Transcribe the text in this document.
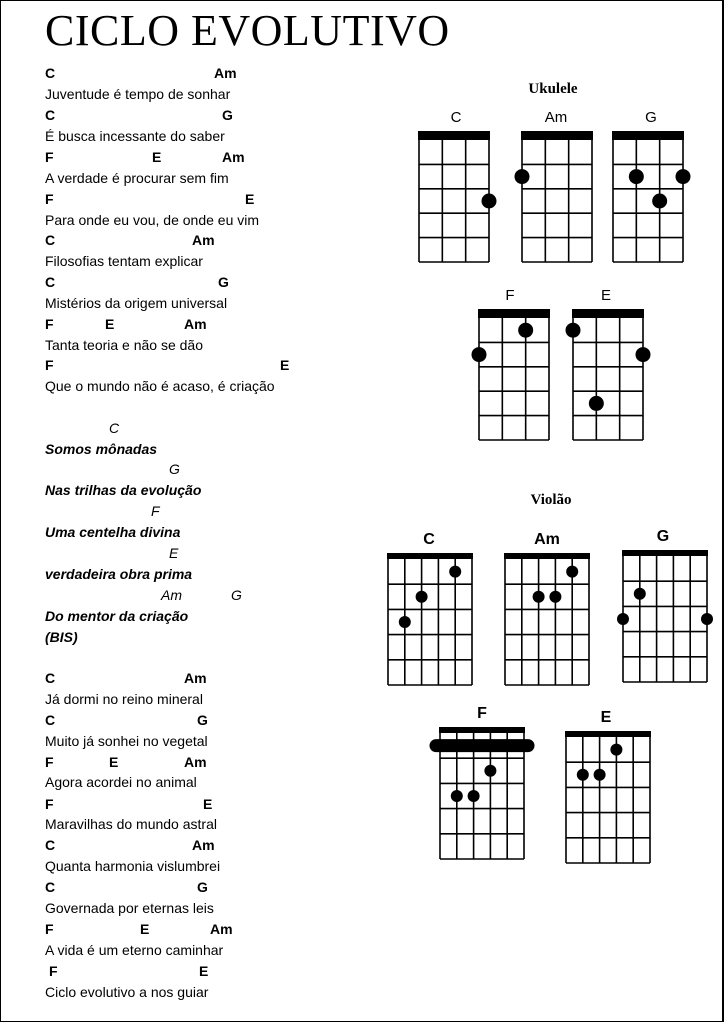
CICLO EVOLUTIVO
C	Am
Juventude é tempo de sonhar
C	G
É busca incessante do saber
F	E	Am
A verdade é procurar sem fim
F	E
Para onde eu vou, de onde eu vim
C	Am
Filosofias tentam explicar
C	G
Mistérios da origem universal
F	E	Am
Tanta teoria e não se dão
F	E
Que o mundo não é acaso, é criação
C
Somos mônadas
G
Nas trilhas da evolução
F
Uma centelha divina
E
verdadeira obra prima
Am	G
Do mentor da criação
(BIS)
C	Am
Já dormi no reino mineral
C	G
Muito já sonhei no vegetal
F	E	Am
Agora acordei no animal
F	E
Maravilhas do mundo astral
C	Am
Quanta harmonia vislumbrei
C	G
Governada por eternas leis
F	E	Am
A vida é um eterno caminhar
F	E
Ciclo evolutivo a nos guiar
Ukulele
C	Am	G
F	E
Violão
C	Am	G
F	E
